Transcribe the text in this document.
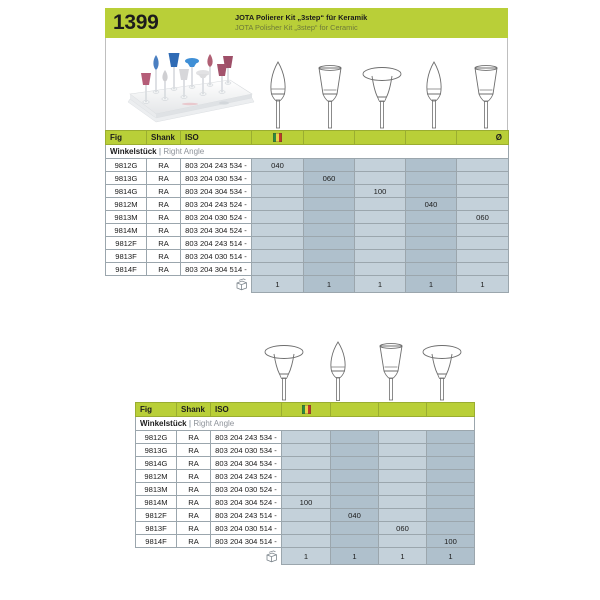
1399	JOTA Polierer Kit „3step“ für Keramik
JOTA Polisher Kit „3step“ for Ceramic
Fig	Shank	ISO					Ø
Winkelstück | Right Angle							
9812G	RA	803 204 243 534 -	040				
9813G	RA	803 204 030 534 -		060			
9814G	RA	803 204 304 534 -			100		
9812M	RA	803 204 243 524 -				040	
9813M	RA	803 204 030 524 -					060
9814M	RA	803 204 304 524 -					
9812F	RA	803 204 243 514 -					
9813F	RA	803 204 030 514 -					
9814F	RA	803 204 304 514 -					
			1	1	1	1	1
Fig	Shank	ISO				
Winkelstück | Right Angle						
9812G	RA	803 204 243 534 -				
9813G	RA	803 204 030 534 -				
9814G	RA	803 204 304 534 -				
9812M	RA	803 204 243 524 -				
9813M	RA	803 204 030 524 -				
9814M	RA	803 204 304 524 -	100			
9812F	RA	803 204 243 514 -		040		
9813F	RA	803 204 030 514 -			060	
9814F	RA	803 204 304 514 -				100
			1	1	1	1
